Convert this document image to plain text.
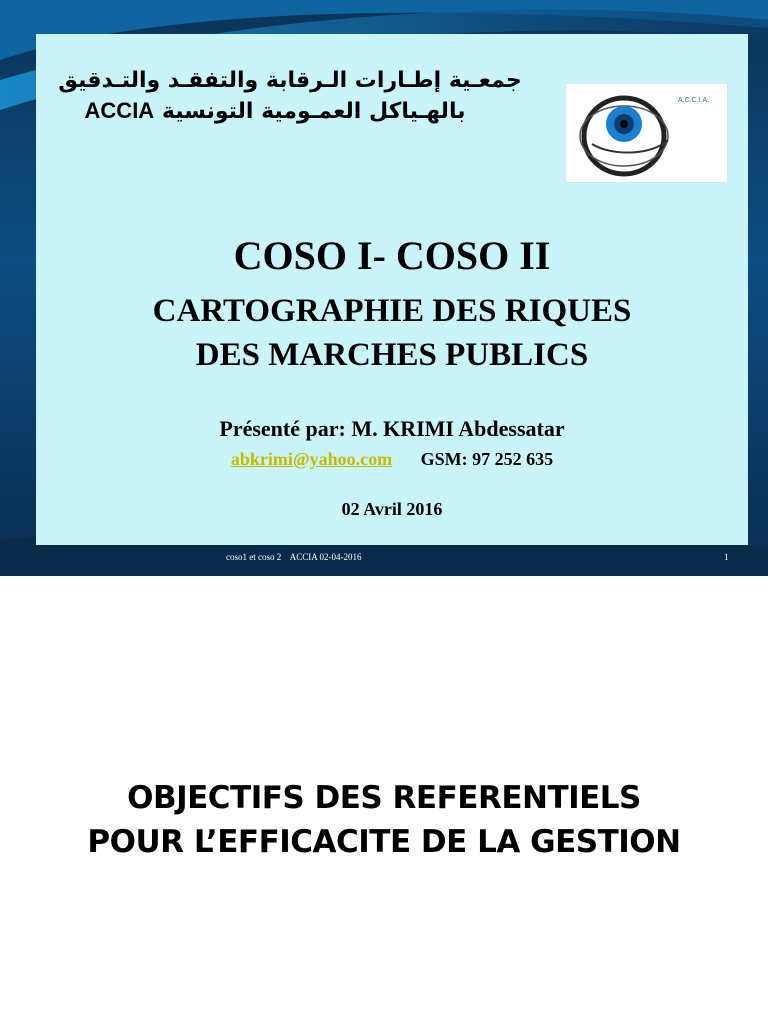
جمعـية إطـارات الـرقابة والتفقـد والتـدقيق
بالهـياكل العمـومية التونسية ACCIA	A.C.C.I.A.
COSO I- COSO II
CARTOGRAPHIE DES RIQUES
DES MARCHES PUBLICS
Présenté par: M. KRIMI Abdessatar
abkrimi@yahoo.com GSM: 97 252 635
02 Avril 2016
coso1 et coso 2    ACCIA 02-04-2016	1
OBJECTIFS DES REFERENTIELS
POUR L’EFFICACITE DE LA GESTION
